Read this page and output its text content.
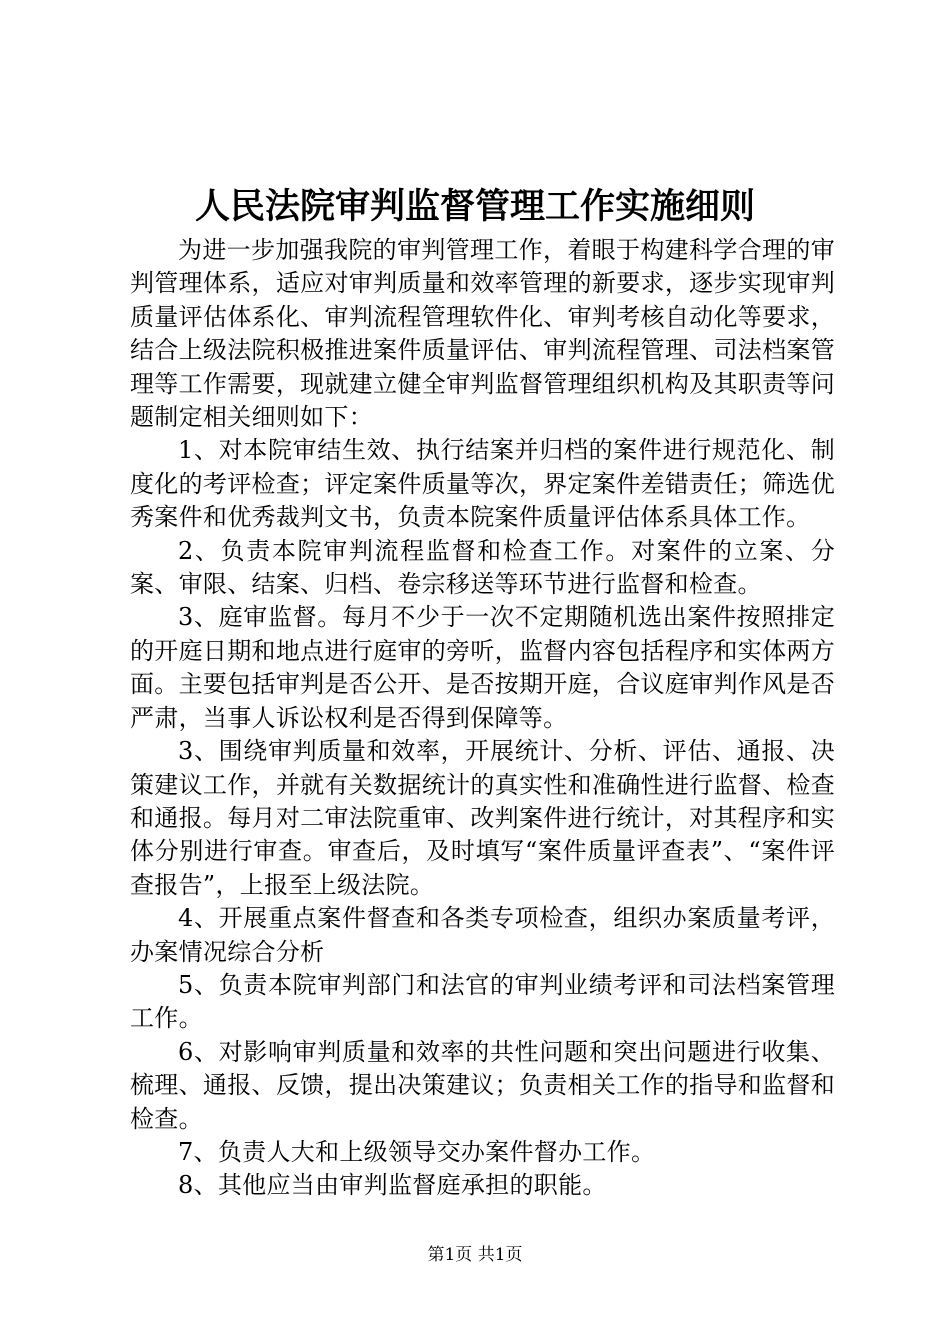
人民法院审判监督管理工作实施细则

为进一步加强我院的审判管理工作，着眼于构建科学合理的审判管理体系，适应对审判质量和效率管理的新要求，逐步实现审判质量评估体系化、审判流程管理软件化、审判考核自动化等要求，结合上级法院积极推进案件质量评估、审判流程管理、司法档案管理等工作需要，现就建立健全审判监督管理组织机构及其职责等问题制定相关细则如下：

1、对本院审结生效、执行结案并归档的案件进行规范化、制度化的考评检查；评定案件质量等次，界定案件差错责任；筛选优秀案件和优秀裁判文书，负责本院案件质量评估体系具体工作。

2、负责本院审判流程监督和检查工作。对案件的立案、分案、审限、结案、归档、卷宗移送等环节进行监督和检查。

3、庭审监督。每月不少于一次不定期随机选出案件按照排定的开庭日期和地点进行庭审的旁听，监督内容包括程序和实体两方面。主要包括审判是否公开、是否按期开庭，合议庭审判作风是否严肃，当事人诉讼权利是否得到保障等。

3、围绕审判质量和效率，开展统计、分析、评估、通报、决策建议工作，并就有关数据统计的真实性和准确性进行监督、检查和通报。每月对二审法院重审、改判案件进行统计，对其程序和实体分别进行审查。审查后，及时填写“案件质量评查表”、“案件评查报告”，上报至上级法院。

4、开展重点案件督查和各类专项检查，组织办案质量考评，办案情况综合分析

5、负责本院审判部门和法官的审判业绩考评和司法档案管理工作。

6、对影响审判质量和效率的共性问题和突出问题进行收集、梳理、通报、反馈，提出决策建议；负责相关工作的指导和监督和检查。

7、负责人大和上级领导交办案件督办工作。

8、其他应当由审判监督庭承担的职能。

第1页 共1页
